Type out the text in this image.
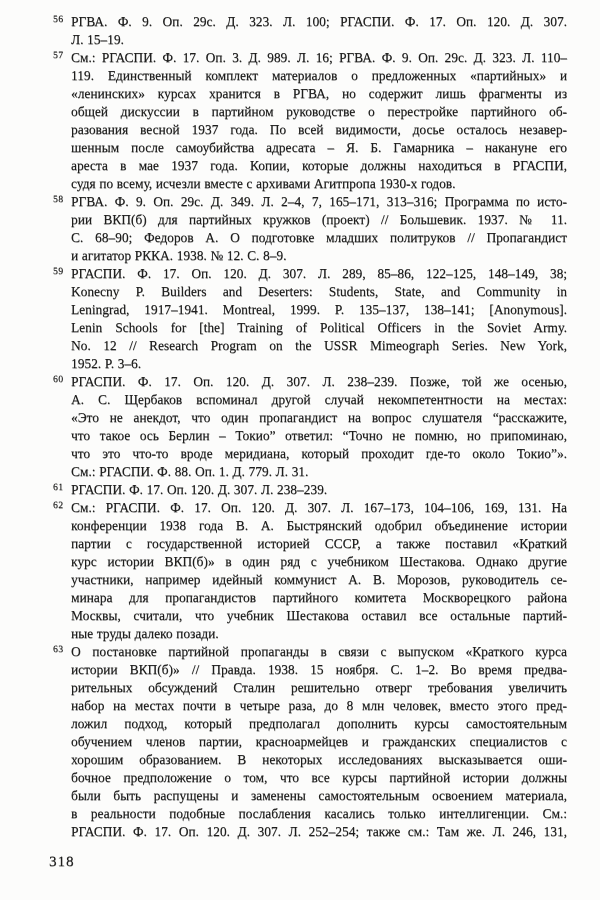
56 РГВА. Ф. 9. Оп. 29с. Д. 323. Л. 100; РГАСПИ. Ф. 17. Оп. 120. Д. 307.
Л. 15–19.
57 См.: РГАСПИ. Ф. 17. Оп. 3. Д. 989. Л. 16; РГВА. Ф. 9. Оп. 29с. Д. 323. Л. 110–
119. Единственный комплект материалов о предложенных «партийных» и
«ленинских» курсах хранится в РГВА, но содержит лишь фрагменты из
общей дискуссии в партийном руководстве о перестройке партийного об-
разования весной 1937 года. По всей видимости, досье осталось незавер-
шенным после самоубийства адресата – Я. Б. Гамарника – накануне его
ареста в мае 1937 года. Копии, которые должны находиться в РГАСПИ,
судя по всему, исчезли вместе с архивами Агитпропа 1930-х годов.
58 РГВА. Ф. 9. Оп. 29с. Д. 349. Л. 2–4, 7, 165–171, 313–316; Программа по исто-
рии ВКП(б) для партийных кружков (проект) // Большевик. 1937. № 11.
С. 68–90; Федоров А. О подготовке младших политруков // Пропагандист
и агитатор РККА. 1938. № 12. С. 8–9.
59 РГАСПИ. Ф. 17. Оп. 120. Д. 307. Л. 289, 85–86, 122–125, 148–149, 38;
Konecny P. Builders and Deserters: Students, State, and Community in
Leningrad, 1917–1941. Montreal, 1999. P. 135–137, 138–141; [Anonymous].
Lenin Schools for [the] Training of Political Officers in the Soviet Army.
No. 12 // Research Program on the USSR Mimeograph Series. New York,
1952. P. 3–6.
60 РГАСПИ. Ф. 17. Оп. 120. Д. 307. Л. 238–239. Позже, той же осенью,
А. С. Щербаков вспоминал другой случай некомпетентности на местах:
«Это не анекдот, что один пропагандист на вопрос слушателя “расскажите,
что такое ось Берлин – Токио” ответил: “Точно не помню, но припоминаю,
что это что-то вроде меридиана, который проходит где-то около Токио”».
См.: РГАСПИ. Ф. 88. Оп. 1. Д. 779. Л. 31.
61 РГАСПИ. Ф. 17. Оп. 120. Д. 307. Л. 238–239.
62 См.: РГАСПИ. Ф. 17. Оп. 120. Д. 307. Л. 167–173, 104–106, 169, 131. На
конференции 1938 года В. А. Быстрянский одобрил объединение истории
партии с государственной историей СССР, а также поставил «Краткий
курс истории ВКП(б)» в один ряд с учебником Шестакова. Однако другие
участники, например идейный коммунист А. В. Морозов, руководитель се-
минара для пропагандистов партийного комитета Москворецкого района
Москвы, считали, что учебник Шестакова оставил все остальные партий-
ные труды далеко позади.
63 О постановке партийной пропаганды в связи с выпуском «Краткого курса
истории ВКП(б)» // Правда. 1938. 15 ноября. С. 1–2. Во время предва-
рительных обсуждений Сталин решительно отверг требования увеличить
набор на местах почти в четыре раза, до 8 млн человек, вместо этого пред-
ложил подход, который предполагал дополнить курсы самостоятельным
обучением членов партии, красноармейцев и гражданских специалистов с
хорошим образованием. В некоторых исследованиях высказывается оши-
бочное предположение о том, что все курсы партийной истории должны
были быть распущены и заменены самостоятельным освоением материала,
в реальности подобные послабления касались только интеллигенции. См.:
РГАСПИ. Ф. 17. Оп. 120. Д. 307. Л. 252–254; также см.: Там же. Л. 246, 131,
318
